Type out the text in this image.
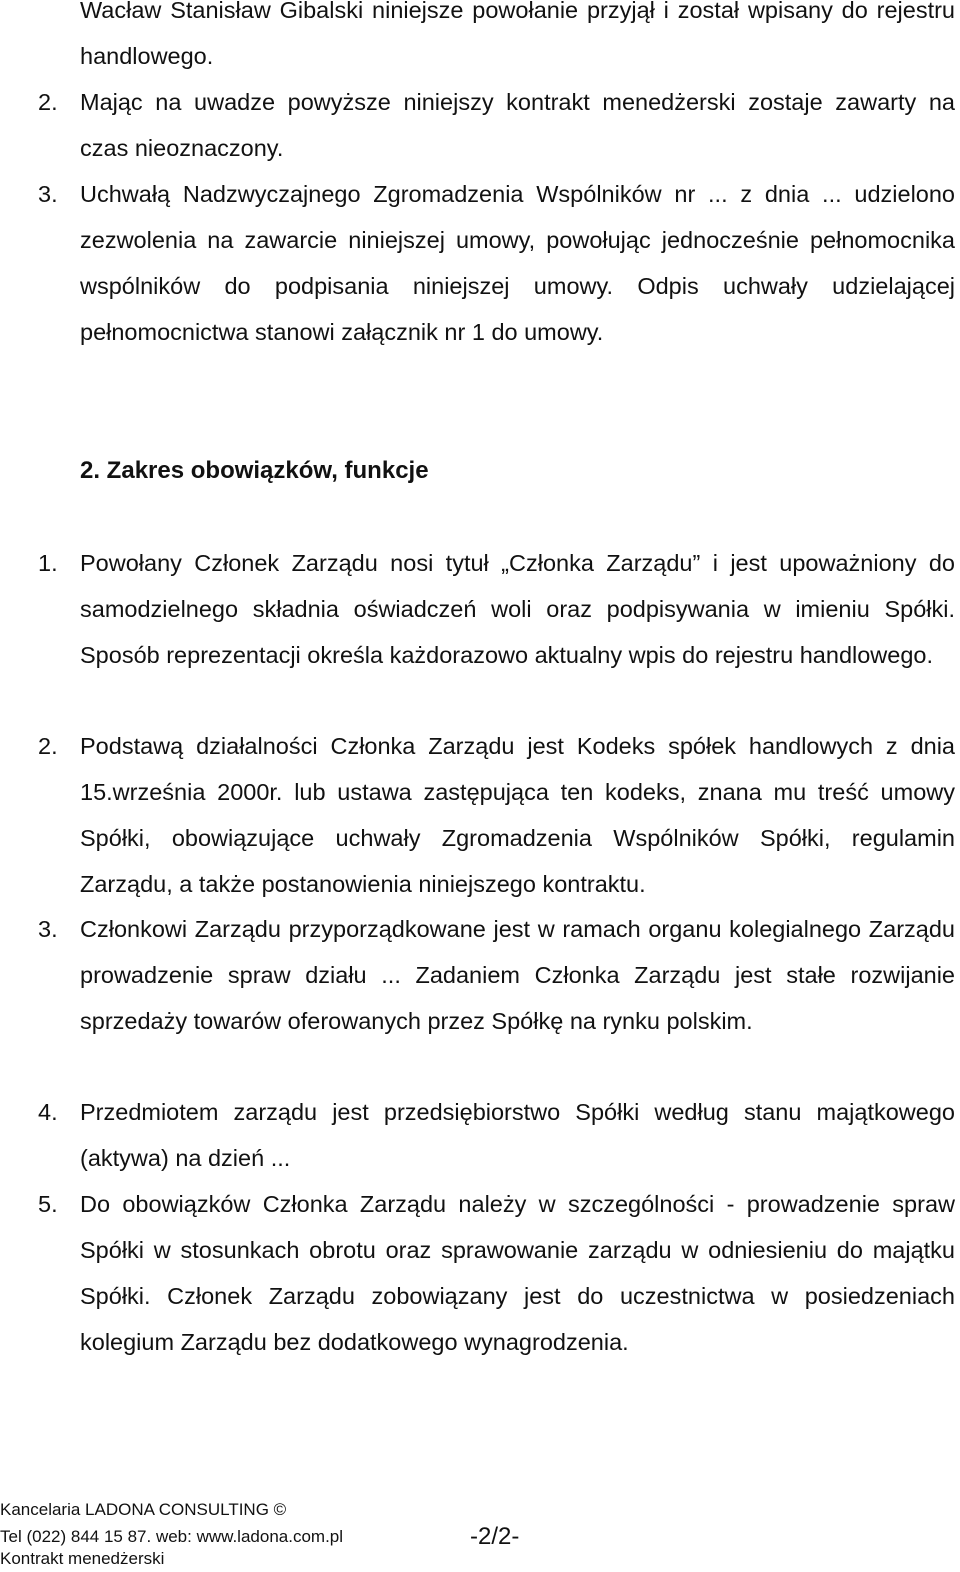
Wacław Stanisław Gibalski niniejsze powołanie przyjął i został wpisany do rejestru handlowego.
2. Mając na uwadze powyższe niniejszy kontrakt menedżerski zostaje zawarty na czas nieoznaczony.
3. Uchwałą Nadzwyczajnego Zgromadzenia Wspólników nr ... z dnia ... udzielono zezwolenia na zawarcie niniejszej umowy, powołując jednocześnie pełnomocnika wspólników do podpisania niniejszej umowy. Odpis uchwały udzielającej pełnomocnictwa stanowi załącznik nr 1 do umowy.
2. Zakres obowiązków, funkcje
1. Powołany Członek Zarządu nosi tytuł „Członka Zarządu” i jest upoważniony do samodzielnego składnia oświadczeń woli oraz podpisywania w imieniu Spółki. Sposób reprezentacji określa każdorazowo aktualny wpis do rejestru handlowego.
2. Podstawą działalności Członka Zarządu jest Kodeks spółek handlowych z dnia 15.września 2000r. lub ustawa zastępująca ten kodeks, znana mu treść umowy Spółki, obowiązujące uchwały Zgromadzenia Wspólników Spółki, regulamin Zarządu, a także postanowienia niniejszego kontraktu.
3. Członkowi Zarządu przyporządkowane jest w ramach organu kolegialnego Zarządu prowadzenie spraw działu ... Zadaniem Członka Zarządu jest stałe rozwijanie sprzedaży towarów oferowanych przez Spółkę na rynku polskim.
4. Przedmiotem zarządu jest przedsiębiorstwo Spółki według stanu majątkowego (aktywa) na dzień ...
5. Do obowiązków Członka Zarządu należy w szczególności - prowadzenie spraw Spółki w stosunkach obrotu oraz sprawowanie zarządu w odniesieniu do majątku Spółki. Członek Zarządu zobowiązany jest do uczestnictwa w posiedzeniach kolegium Zarządu bez dodatkowego wynagrodzenia.
Kancelaria LADONA CONSULTING ©
Tel (022) 844 15 87. web: www.ladona.com.pl	-2/2-
Kontrakt menedżerski
